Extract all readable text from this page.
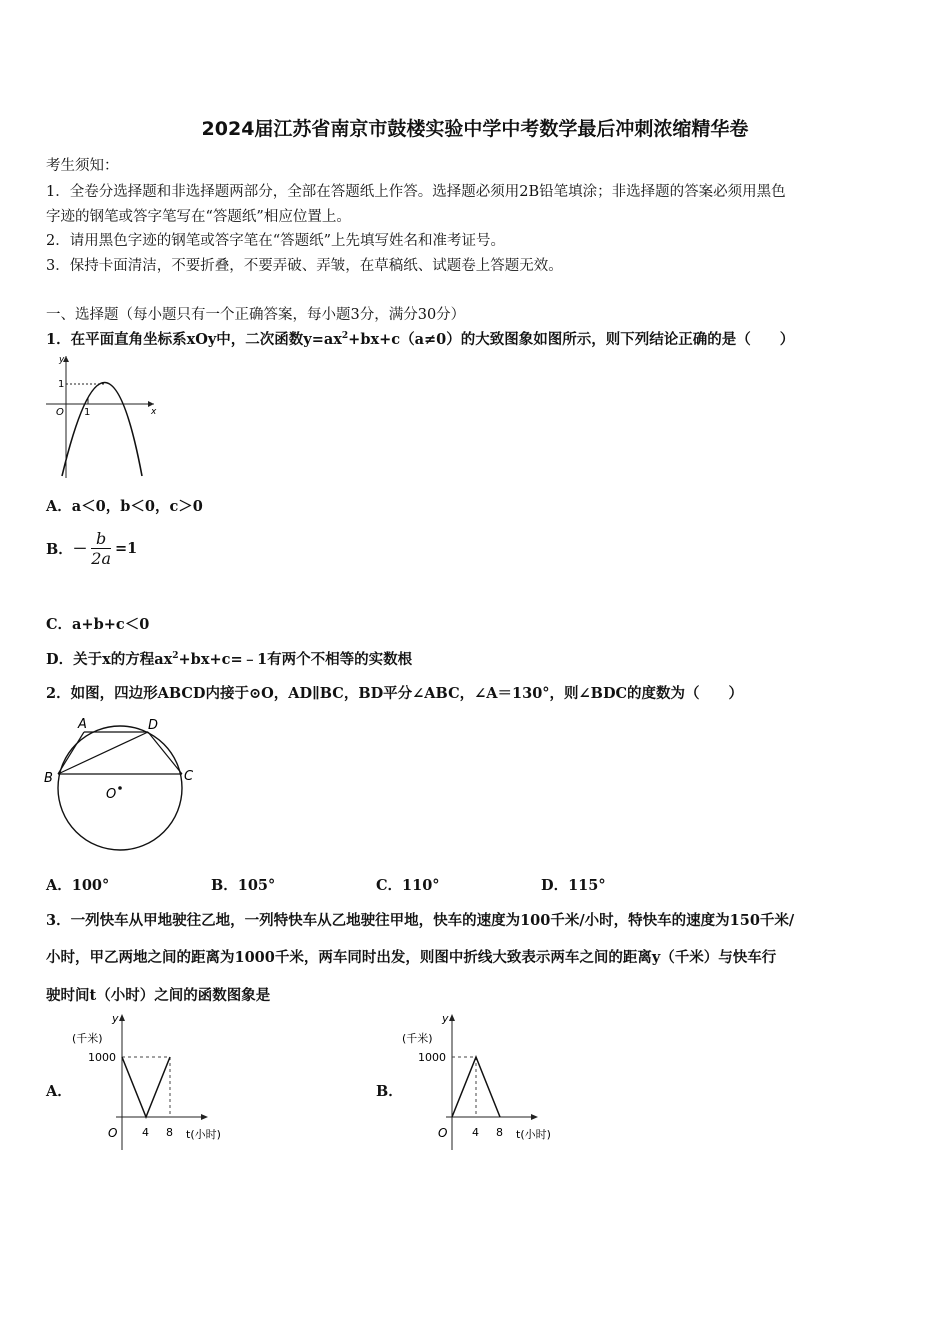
2024届江苏省南京市鼓楼实验中学中考数学最后冲刺浓缩精华卷
考生须知：
1．全卷分选择题和非选择题两部分，全部在答题纸上作答。选择题必须用2B铅笔填涂；非选择题的答案必须用黑色
字迹的钢笔或答字笔写在“答题纸”相应位置上。
2．请用黑色字迹的钢笔或答字笔在“答题纸”上先填写姓名和准考证号。
3．保持卡面清洁，不要折叠，不要弄破、弄皱，在草稿纸、试题卷上答题无效。
一、选择题（每小题只有一个正确答案，每小题3分，满分30分）
1．在平面直角坐标系xOy中，二次函数$y=ax^2+bx+c(a\ne 0)$的大致图象如图所示，则下列结论正确的是（　　）
y
x
O 1
1
A．a＜0，b＜0，c＞0
B．－ $\frac{b}{2a} =1$
C．a+b+c＜0
D．关于x的方程$ax^2+bx+c=﹣1$有两个不相等的实数根
2．如图，四边形ABCD内接于⊙O，AD∥BC，BD平分∠ABC，∠A＝130°，则∠BDC的度数为（　　）
A	D
B	C
O
A．100°	B．105°	C．110°	D．115°
3．一列快车从甲地驶往乙地，一列特快车从乙地驶往甲地，快车的速度为100千米/小时，特快车的速度为150千米/
小时，甲乙两地之间的距离为1000千米，两车同时出发，则图中折线大致表示两车之间的距离y（千米）与快车行
驶时间t（小时）之间的函数图象是
A．
y
(千米)
1000
O 4 8 t(小时)
B．
y
(千米)
1000
O 4 8 t(小时)
